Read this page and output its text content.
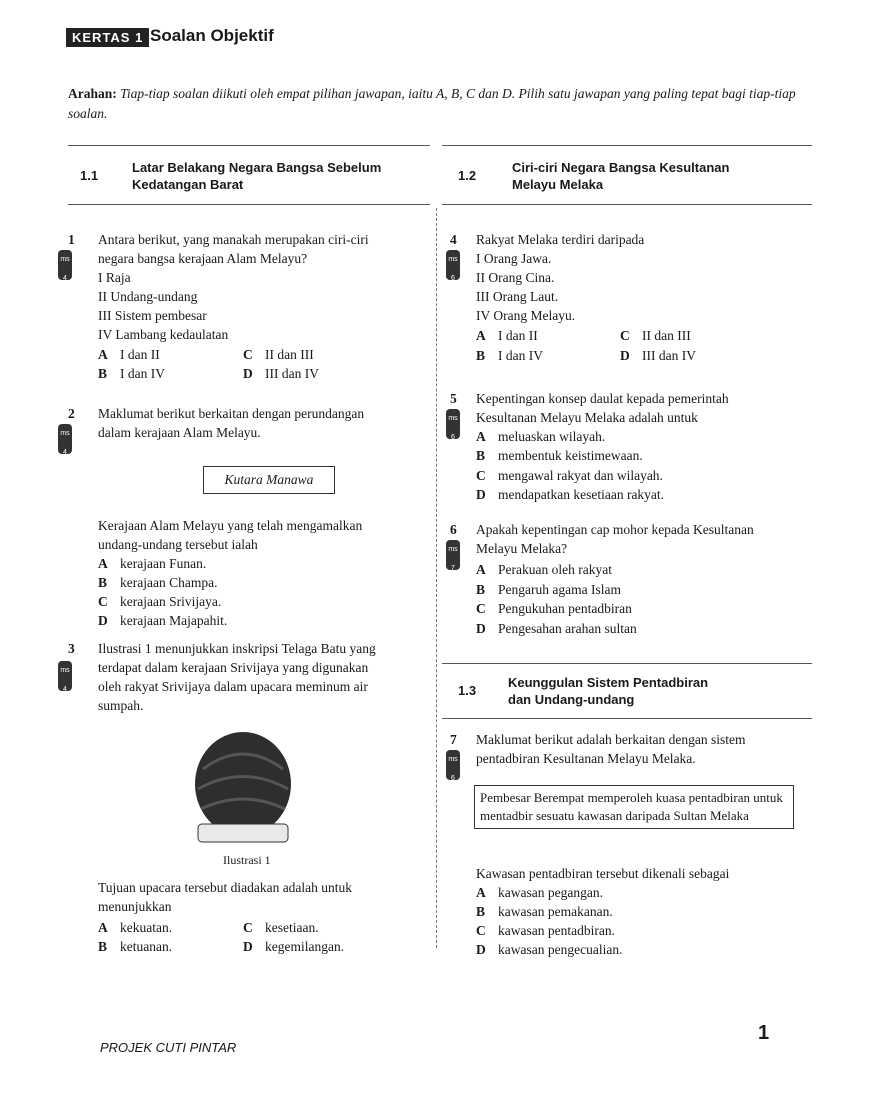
KERTAS 1 Soalan Objektif
Arahan: Tiap-tiap soalan diikuti oleh empat pilihan jawapan, iaitu A, B, C dan D. Pilih satu jawapan yang paling tepat bagi tiap-tiap soalan.
1.1
Latar Belakang Negara Bangsa Sebelum
Kedatangan Barat
1.2
Ciri-ciri Negara Bangsa Kesultanan
Melayu Melaka
1
ms
4
Antara berikut, yang manakah merupakan ciri-ciri
negara bangsa kerajaan Alam Melayu?
I Raja
II Undang-undang
III Sistem pembesar
IV Lambang kedaulatan
A I dan II	C II dan III
B I dan IV	D III dan IV
2
ms
4
Maklumat berikut berkaitan dengan perundangan
dalam kerajaan Alam Melayu.
Kutara Manawa
Kerajaan Alam Melayu yang telah mengamalkan
undang-undang tersebut ialah
A kerajaan Funan.
B kerajaan Champa.
C kerajaan Srivijaya.
D kerajaan Majapahit.
3
ms
4
Ilustrasi 1 menunjukkan inskripsi Telaga Batu yang
terdapat dalam kerajaan Srivijaya yang digunakan
oleh rakyat Srivijaya dalam upacara meminum air
sumpah.
Ilustrasi 1
Tujuan upacara tersebut diadakan adalah untuk
menunjukkan
A kekuatan.	C kesetiaan.
B ketuanan.	D kegemilangan.
4
ms
6
Rakyat Melaka terdiri daripada
I Orang Jawa.
II Orang Cina.
III Orang Laut.
IV Orang Melayu.
A I dan II	C II dan III
B I dan IV	D III dan IV
5
ms
6
Kepentingan konsep daulat kepada pemerintah
Kesultanan Melayu Melaka adalah untuk
A meluaskan wilayah.
B membentuk keistimewaan.
C mengawal rakyat dan wilayah.
D mendapatkan kesetiaan rakyat.
6
ms
7
Apakah kepentingan cap mohor kepada Kesultanan
Melayu Melaka?
A Perakuan oleh rakyat
B Pengaruh agama Islam
C Pengukuhan pentadbiran
D Pengesahan arahan sultan
1.3
Keunggulan Sistem Pentadbiran
dan Undang-undang
7
ms
6
Maklumat berikut adalah berkaitan dengan sistem
pentadbiran Kesultanan Melayu Melaka.
Pembesar Berempat memperoleh kuasa pentadbiran untuk mentadbir sesuatu kawasan daripada Sultan Melaka
Kawasan pentadbiran tersebut dikenali sebagai
A kawasan pegangan.
B kawasan pemakanan.
C kawasan pentadbiran.
D kawasan pengecualian.
PROJEK CUTI PINTAR
1
